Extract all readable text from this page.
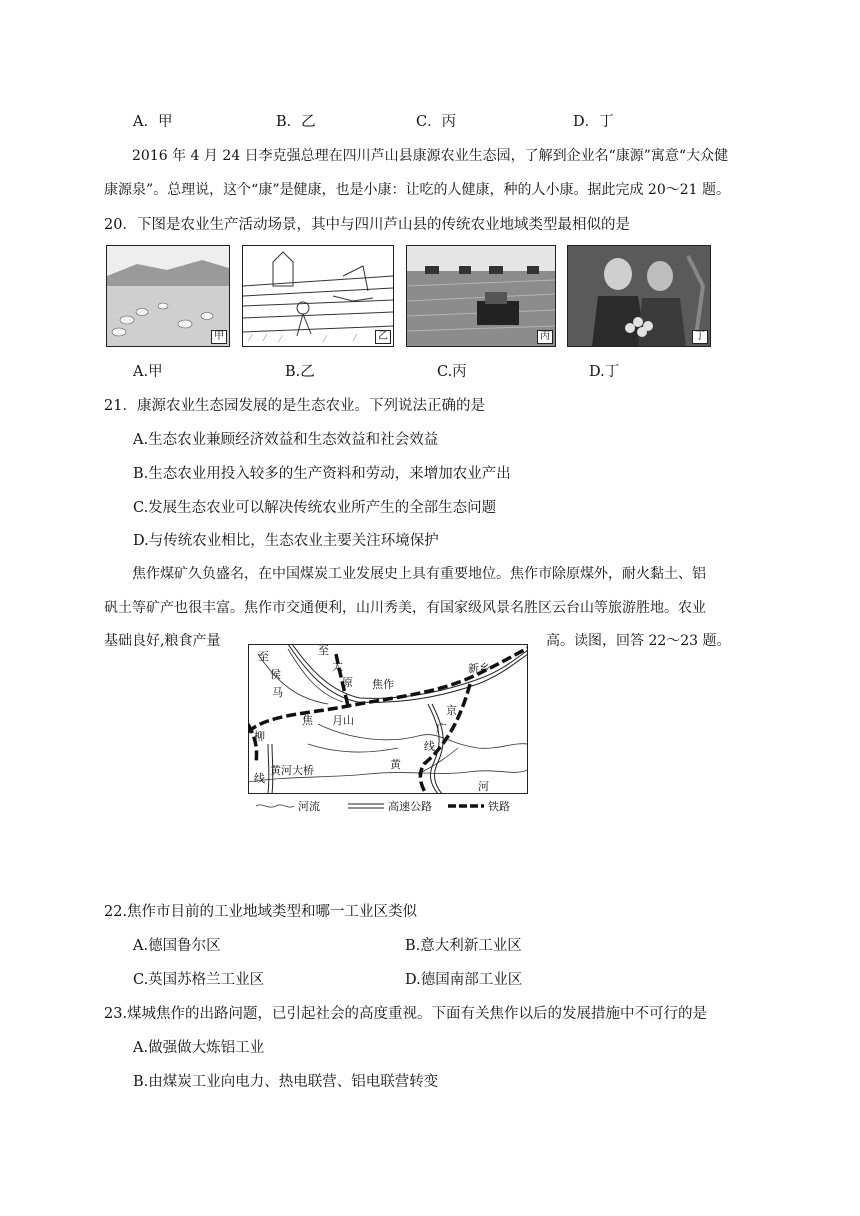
A．甲	B．乙	C．丙	D．丁
2016 年 4 月 24 日李克强总理在四川芦山县康源农业生态园，了解到企业名“康源”寓意“大众健
康源泉”。总理说，这个“康”是健康，也是小康：让吃的人健康，种的人小康。据此完成 20～21 题。
20．下图是农业生产活动场景，其中与四川芦山县的传统农业地域类型最相似的是
甲	乙	丙	丁
A.甲	B.乙	C.丙	D.丁
21．康源农业生态园发展的是生态农业。下列说法正确的是
A.生态农业兼顾经济效益和生态效益和社会效益
B.生态农业用投入较多的生产资料和劳动，来增加农业产出
C.发展生态农业可以解决传统农业所产生的全部生态问题
D.与传统农业相比，生态农业主要关注环境保护
焦作煤矿久负盛名，在中国煤炭工业发展史上具有重要地位。焦作市除原煤外，耐火黏土、铝
矾土等矿产也很丰富。焦作市交通便利，山川秀美，有国家级风景名胜区云台山等旅游胜地。农业
基础良好,粮食产量	高。读图，回答 22～23 题。
至
侯
马
至
太
原 焦作
新乡
京
广
线
焦 月山
柳
线
黄河大桥	黄
河
河流	高速公路	铁路
22.焦作市目前的工业地域类型和哪一工业区类似
A.德国鲁尔区	B.意大利新工业区
C.英国苏格兰工业区	D.德国南部工业区
23.煤城焦作的出路问题，已引起社会的高度重视。下面有关焦作以后的发展措施中不可行的是
A.做强做大炼铝工业
B.由煤炭工业向电力、热电联营、铝电联营转变
